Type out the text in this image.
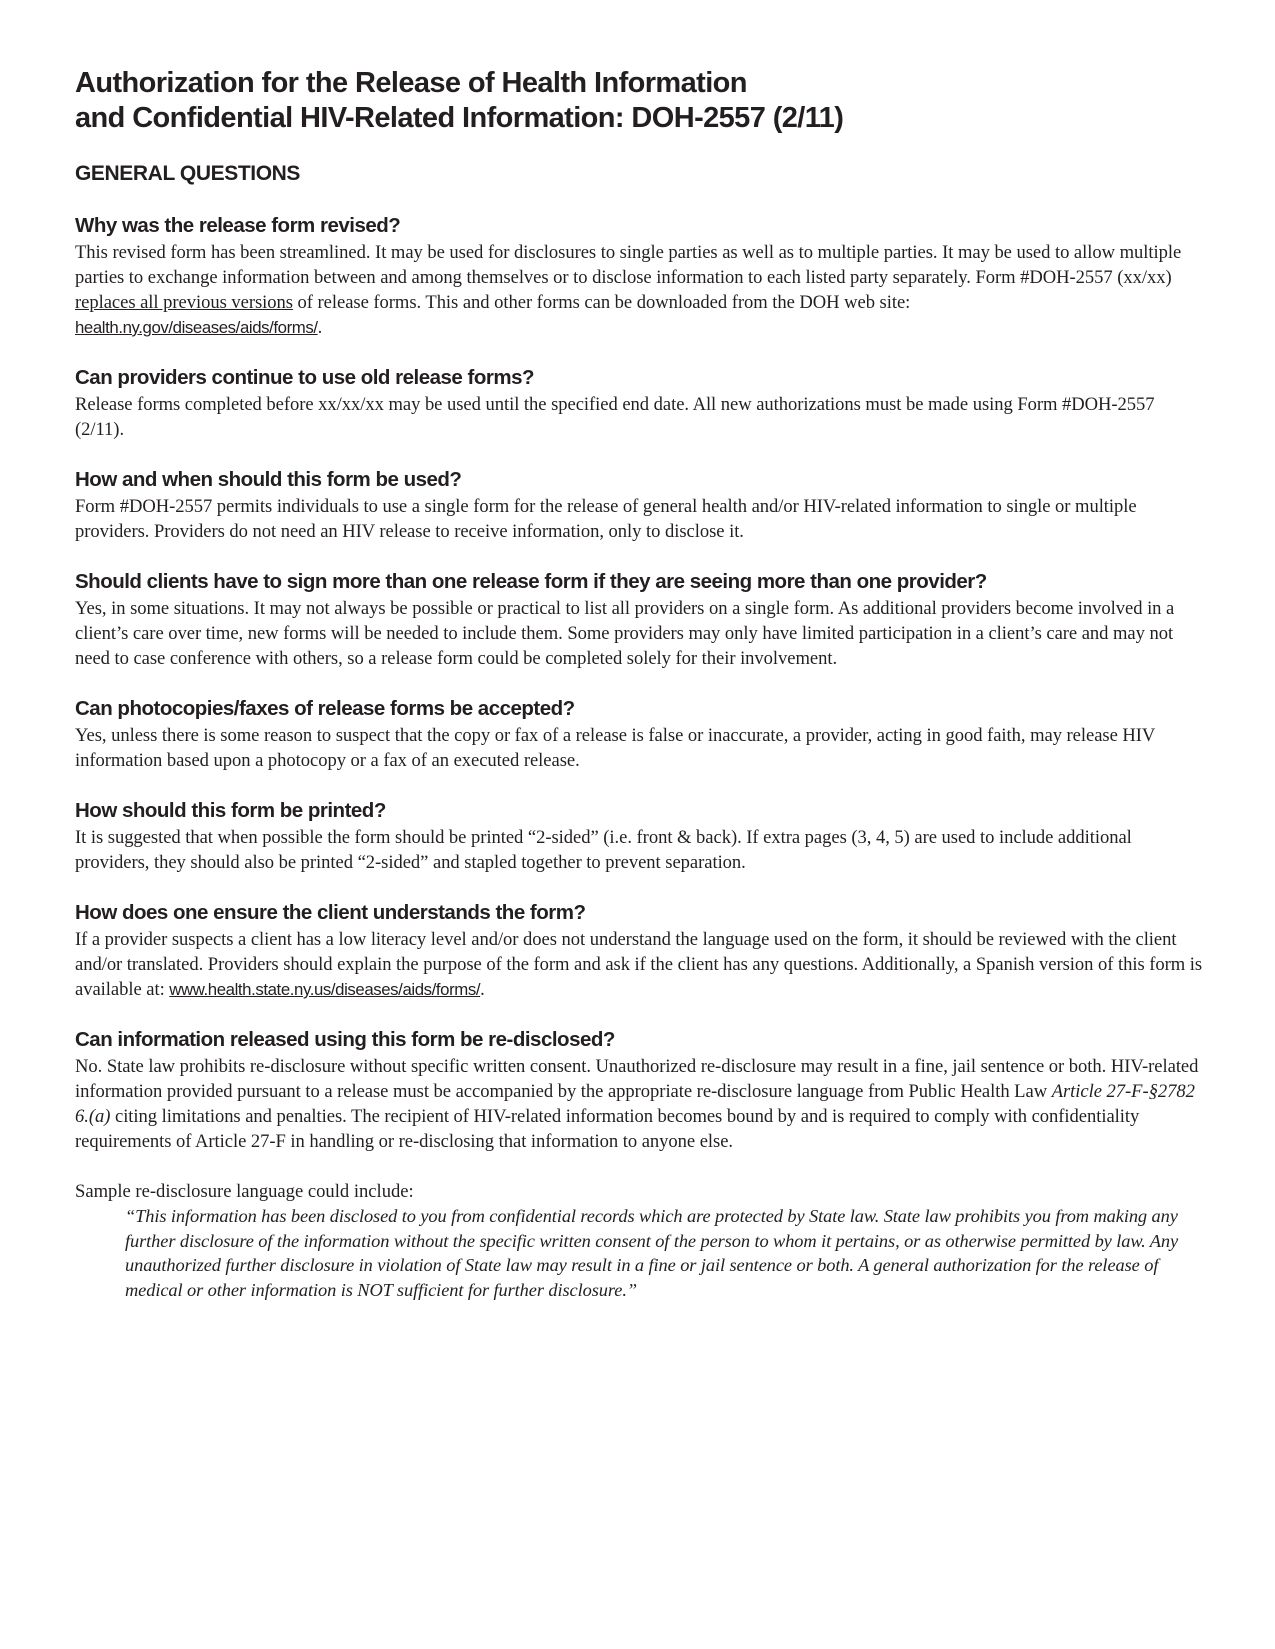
Authorization for the Release of Health Information
and Confidential HIV-Related Information: DOH-2557 (2/11)
GENERAL QUESTIONS
Why was the release form revised?

This revised form has been streamlined. It may be used for disclosures to single parties as well as to multiple parties. It may be used to allow multiple parties to exchange information between and among themselves or to disclose information to each listed party separately. Form #DOH-2557 (xx/xx) replaces all previous versions of release forms. This and other forms can be downloaded from the DOH web site:
health.ny.gov/diseases/aids/forms/.

Can providers continue to use old release forms?

Release forms completed before xx/xx/xx may be used until the specified end date. All new authorizations must be made using Form #DOH-2557 (2/11).

How and when should this form be used?

Form #DOH-2557 permits individuals to use a single form for the release of general health and/or HIV-related information to single or multiple providers. Providers do not need an HIV release to receive information, only to disclose it.

Should clients have to sign more than one release form if they are seeing more than one provider?

Yes, in some situations. It may not always be possible or practical to list all providers on a single form. As additional providers become involved in a client’s care over time, new forms will be needed to include them. Some providers may only have limited participation in a client’s care and may not need to case conference with others, so a release form could be completed solely for their involvement.

Can photocopies/faxes of release forms be accepted?

Yes, unless there is some reason to suspect that the copy or fax of a release is false or inaccurate, a provider, acting in good faith, may release HIV information based upon a photocopy or a fax of an executed release.

How should this form be printed?

It is suggested that when possible the form should be printed “2-sided” (i.e. front & back). If extra pages (3, 4, 5) are used to include additional providers, they should also be printed “2-sided” and stapled together to prevent separation.

How does one ensure the client understands the form?

If a provider suspects a client has a low literacy level and/or does not understand the language used on the form, it should be reviewed with the client and/or translated. Providers should explain the purpose of the form and ask if the client has any questions. Additionally, a Spanish version of this form is available at: www.health.state.ny.us/diseases/aids/forms/.

Can information released using this form be re-disclosed?

No. State law prohibits re-disclosure without specific written consent. Unauthorized re-disclosure may result in a fine, jail sentence or both. HIV-related information provided pursuant to a release must be accompanied by the appropriate re-disclosure language from Public Health Law Article 27-F-§2782 6.(a) citing limitations and penalties. The recipient of HIV-related information becomes bound by and is required to comply with confidentiality requirements of Article 27-F in handling or re-disclosing that information to anyone else.

Sample re-disclosure language could include:

“This information has been disclosed to you from confidential records which are protected by State law. State law prohibits you from making any further disclosure of the information without the specific written consent of the person to whom it pertains, or as otherwise permitted by law. Any unauthorized further disclosure in violation of State law may result in a fine or jail sentence or both. A general authorization for the release of medical or other information is NOT sufficient for further disclosure.”
